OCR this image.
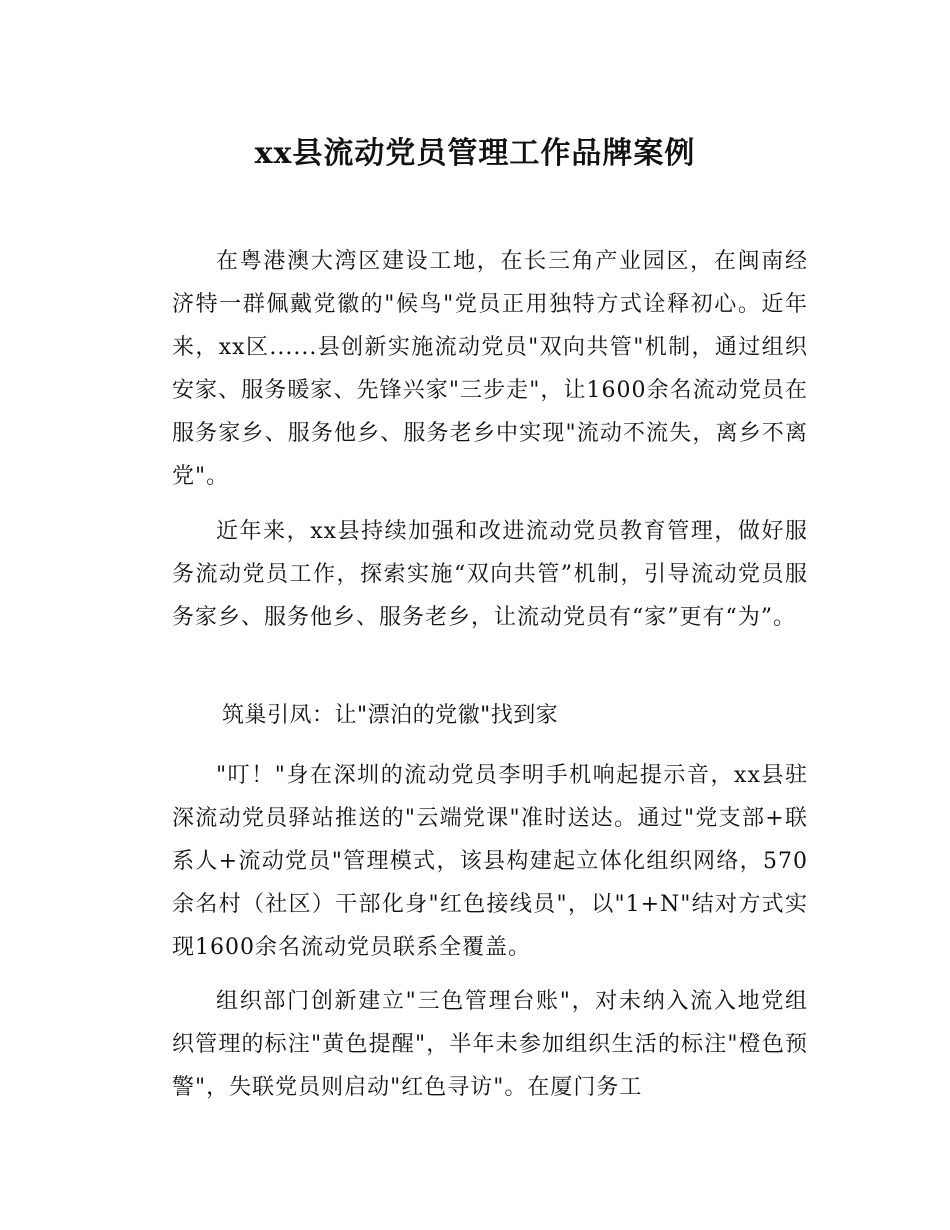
xx县流动党员管理工作品牌案例

在粤港澳大湾区建设工地，在长三角产业园区，在闽南经济特一群佩戴党徽的"候鸟"党员正用独特方式诠释初心。近年来，xx区......县创新实施流动党员"双向共管"机制，通过组织安家、服务暖家、先锋兴家"三步走"，让1600余名流动党员在服务家乡、服务他乡、服务老乡中实现"流动不流失，离乡不离党"。

近年来，xx县持续加强和改进流动党员教育管理，做好服务流动党员工作，探索实施“双向共管”机制，引导流动党员服务家乡、服务他乡、服务老乡，让流动党员有“家”更有“为”。

筑巢引凤：让"漂泊的党徽"找到家

"叮！"身在深圳的流动党员李明手机响起提示音，xx县驻深流动党员驿站推送的"云端党课"准时送达。通过"党支部+联系人+流动党员"管理模式，该县构建起立体化组织网络，570余名村（社区）干部化身"红色接线员"，以"1+N"结对方式实现1600余名流动党员联系全覆盖。

组织部门创新建立"三色管理台账"，对未纳入流入地党组织管理的标注"黄色提醒"，半年未参加组织生活的标注"橙色预警"，失联党员则启动"红色寻访"。在厦门务工
